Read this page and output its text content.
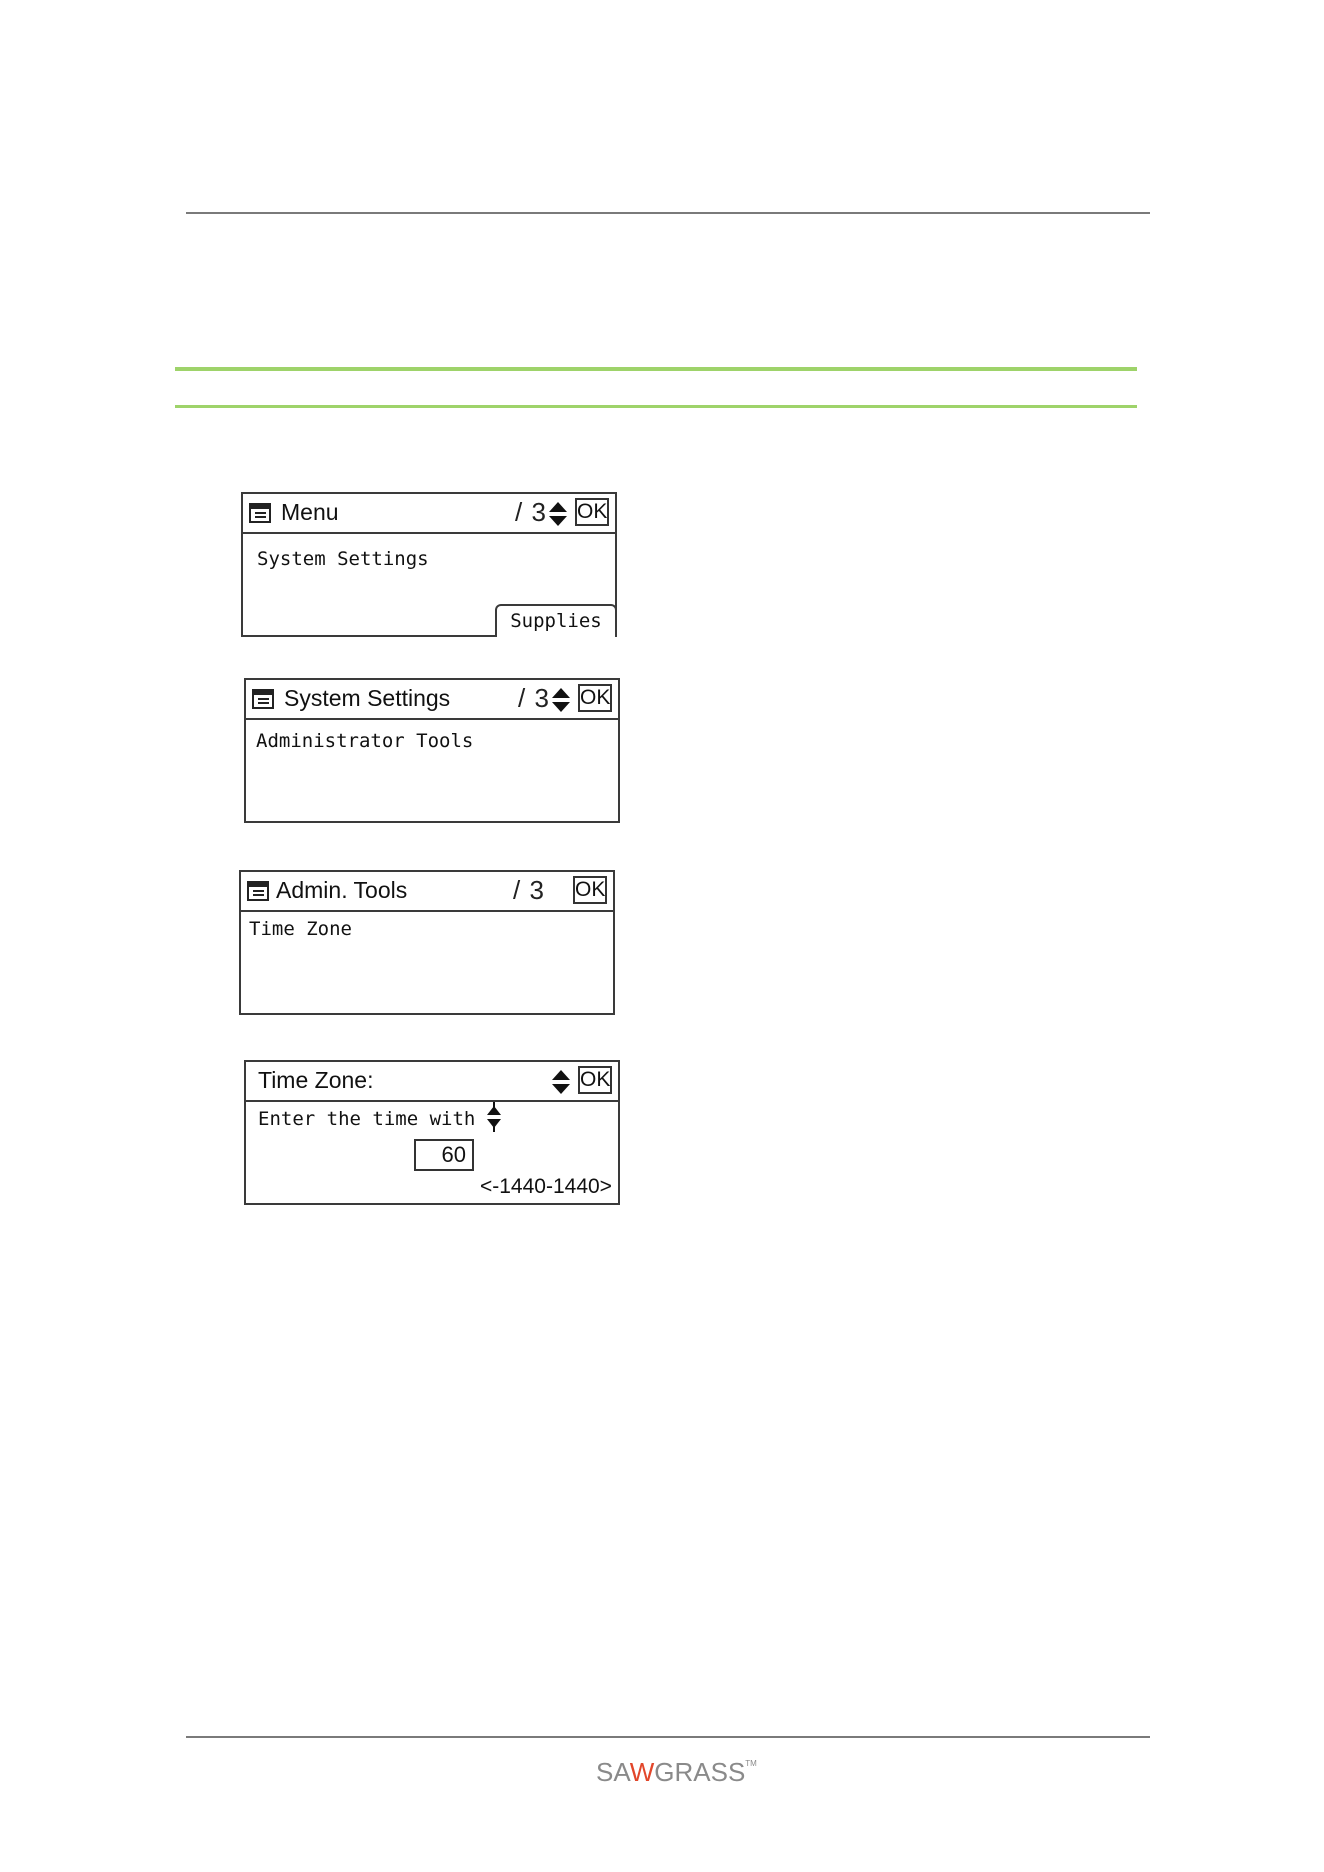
Menu	/ 3 OK
System Settings
Supplies
System Settings	/ 3 OK
Administrator Tools
Admin. Tools	/ 3 OK
Time Zone
Time Zone:	OK
Enter the time with
60
<-1440-1440>
SAWGRASS™
